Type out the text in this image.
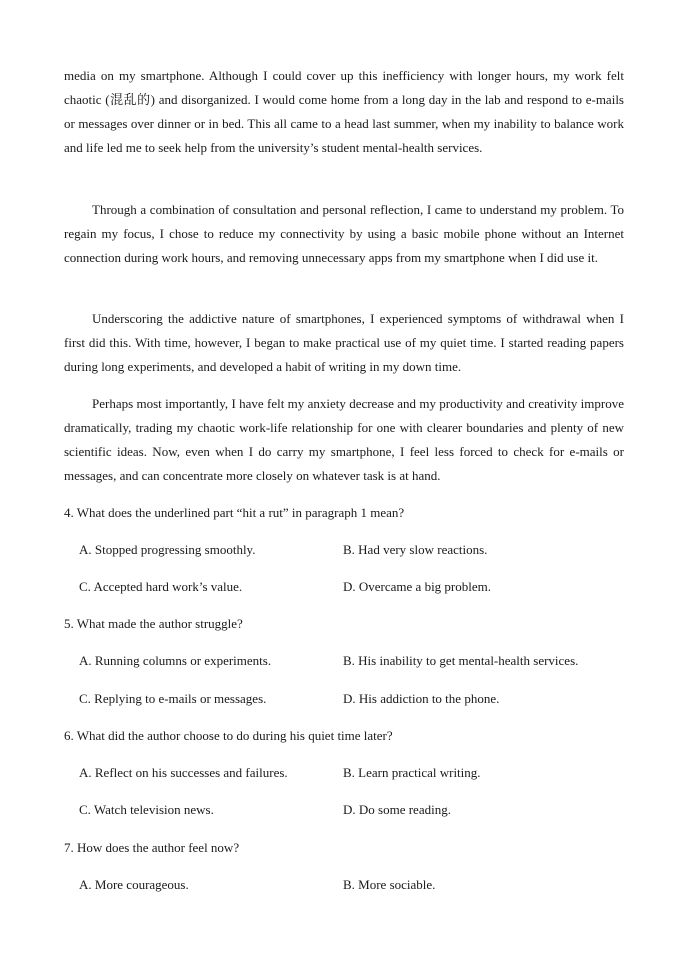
media on my smartphone. Although I could cover up this inefficiency with longer hours, my work felt chaotic (混乱的) and disorganized. I would come home from a long day in the lab and respond to e-mails or messages over dinner or in bed. This all came to a head last summer, when my inability to balance work and life led me to seek help from the university’s student mental-health services.

Through a combination of consultation and personal reflection, I came to understand my problem. To regain my focus, I chose to reduce my connectivity by using a basic mobile phone without an Internet connection during work hours, and removing unnecessary apps from my smartphone when I did use it.

Underscoring the addictive nature of smartphones, I experienced symptoms of withdrawal when I first did this. With time, however, I began to make practical use of my quiet time. I started reading papers during long experiments, and developed a habit of writing in my down time.

Perhaps most importantly, I have felt my anxiety decrease and my productivity and creativity improve dramatically, trading my chaotic work-life relationship for one with clearer boundaries and plenty of new scientific ideas. Now, even when I do carry my smartphone, I feel less forced to check for e-mails or messages, and can concentrate more closely on whatever task is at hand.

4. What does the underlined part “hit a rut” in paragraph 1 mean?

A. Stopped progressing smoothly.	B. Had very slow reactions.
C. Accepted hard work’s value.	D. Overcame a big problem.

5. What made the author struggle?

A. Running columns or experiments.	B. His inability to get mental-health services.
C. Replying to e-mails or messages.	D. His addiction to the phone.

6. What did the author choose to do during his quiet time later?

A. Reflect on his successes and failures.	B. Learn practical writing.
C. Watch television news.	D. Do some reading.

7. How does the author feel now?

A. More courageous.	B. More sociable.
